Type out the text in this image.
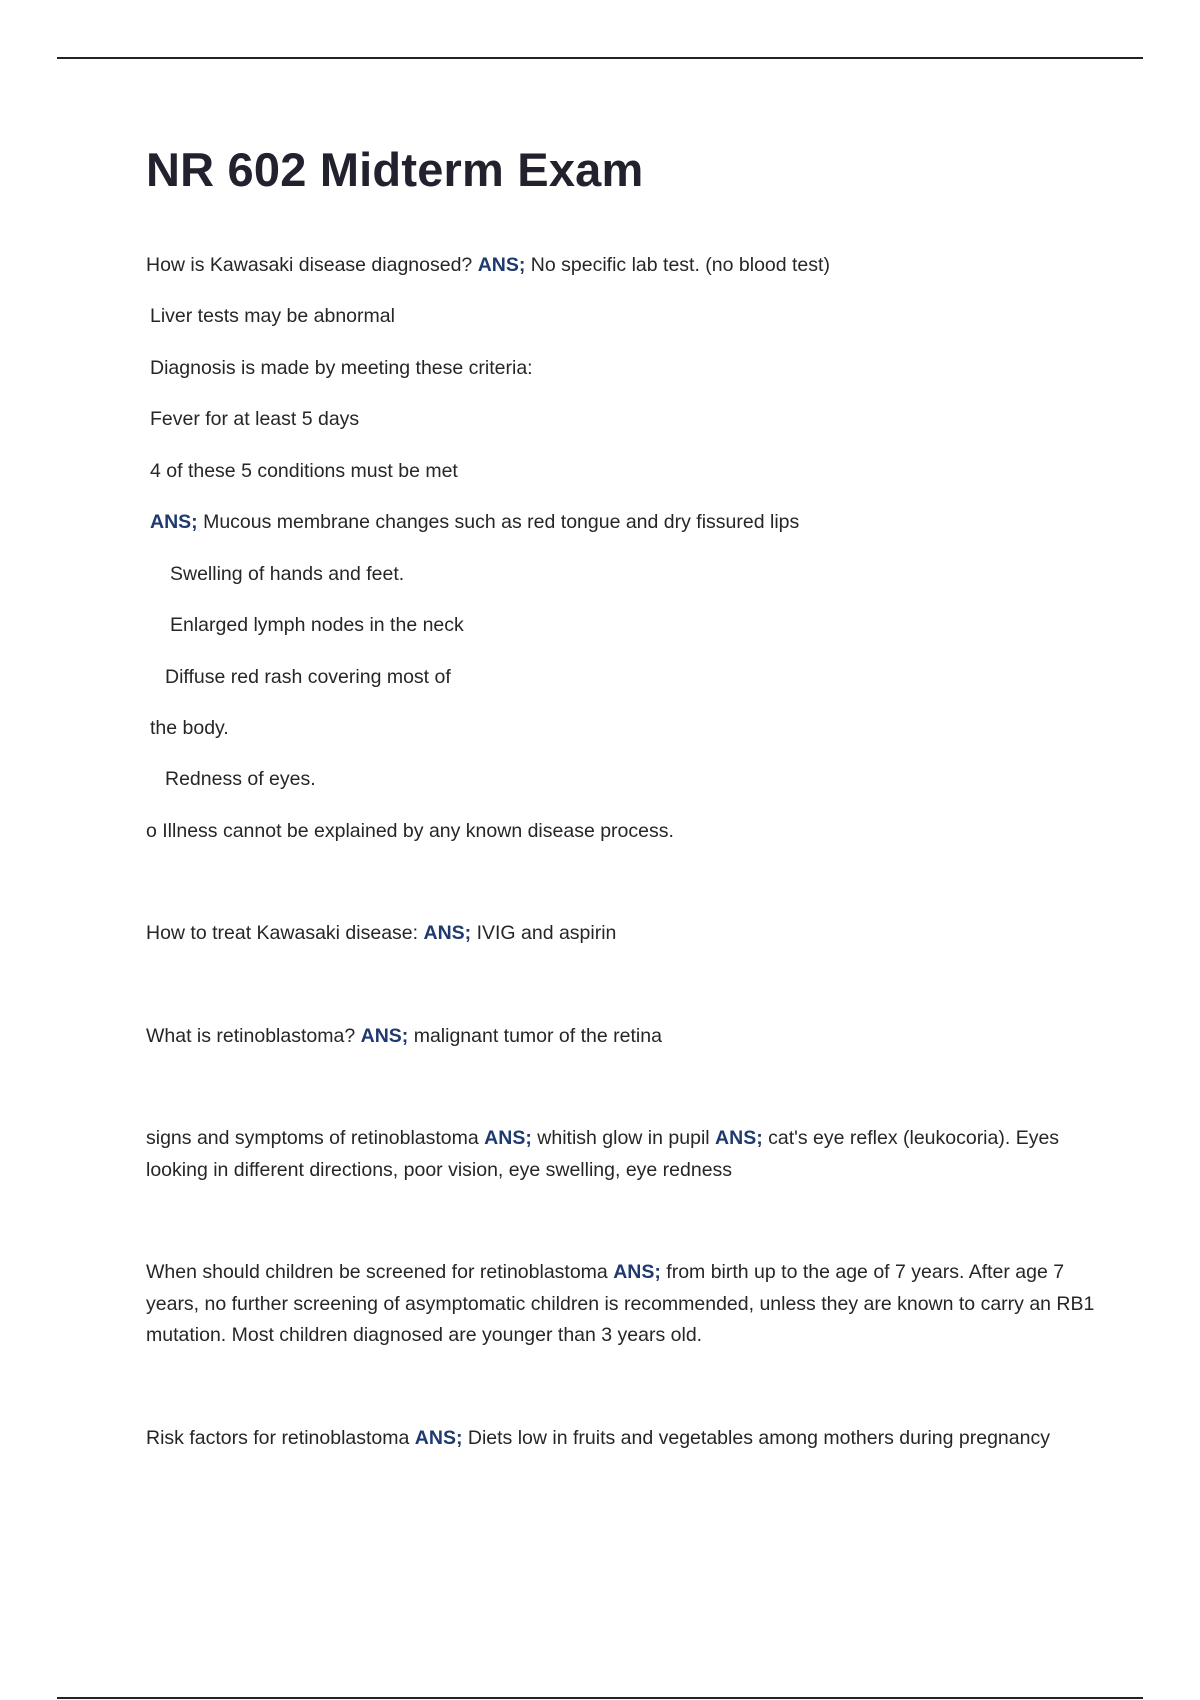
NR 602 Midterm Exam

How is Kawasaki disease diagnosed? ANS; No specific lab test. (no blood test)

Liver tests may be abnormal

Diagnosis is made by meeting these criteria:

Fever for at least 5 days

4 of these 5 conditions must be met

ANS; Mucous membrane changes such as red tongue and dry fissured lips

Swelling of hands and feet.

Enlarged lymph nodes in the neck

Diffuse red rash covering most of

the body.

Redness of eyes.

o Illness cannot be explained by any known disease process.

How to treat Kawasaki disease: ANS; IVIG and aspirin

What is retinoblastoma? ANS; malignant tumor of the retina

signs and symptoms of retinoblastoma ANS; whitish glow in pupil ANS; cat's eye reflex (leukocoria). Eyes looking in different directions, poor vision, eye swelling, eye redness

When should children be screened for retinoblastoma ANS; from birth up to the age of 7 years. After age 7 years, no further screening of asymptomatic children is recommended, unless they are known to carry an RB1 mutation. Most children diagnosed are younger than 3 years old.

Risk factors for retinoblastoma ANS; Diets low in fruits and vegetables among mothers during pregnancy
